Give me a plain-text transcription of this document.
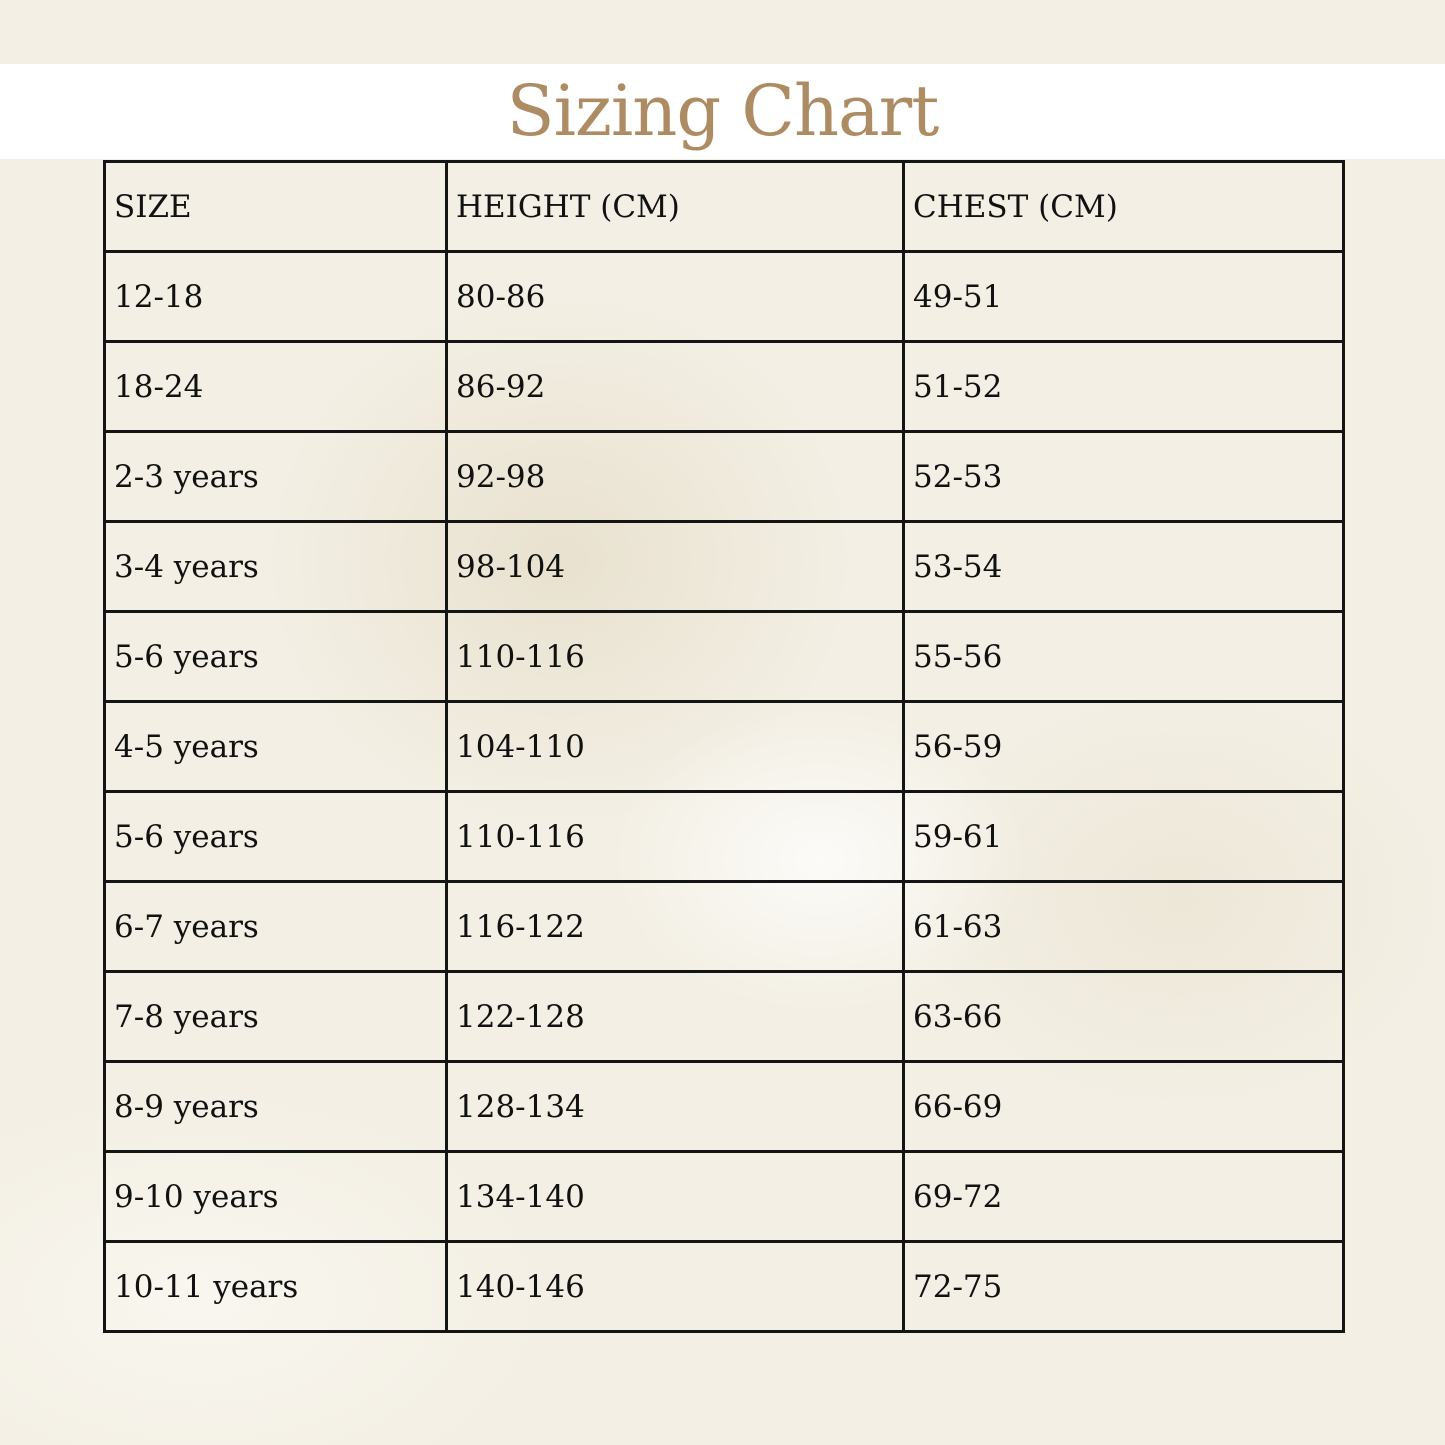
Sizing Chart
SIZE	HEIGHT (CM)	CHEST (CM)
12-18	80-86	49-51
18-24	86-92	51-52
2-3 years	92-98	52-53
3-4 years	98-104	53-54
5-6 years	110-116	55-56
4-5 years	104-110	56-59
5-6 years	110-116	59-61
6-7 years	116-122	61-63
7-8 years	122-128	63-66
8-9 years	128-134	66-69
9-10 years	134-140	69-72
10-11 years	140-146	72-75
